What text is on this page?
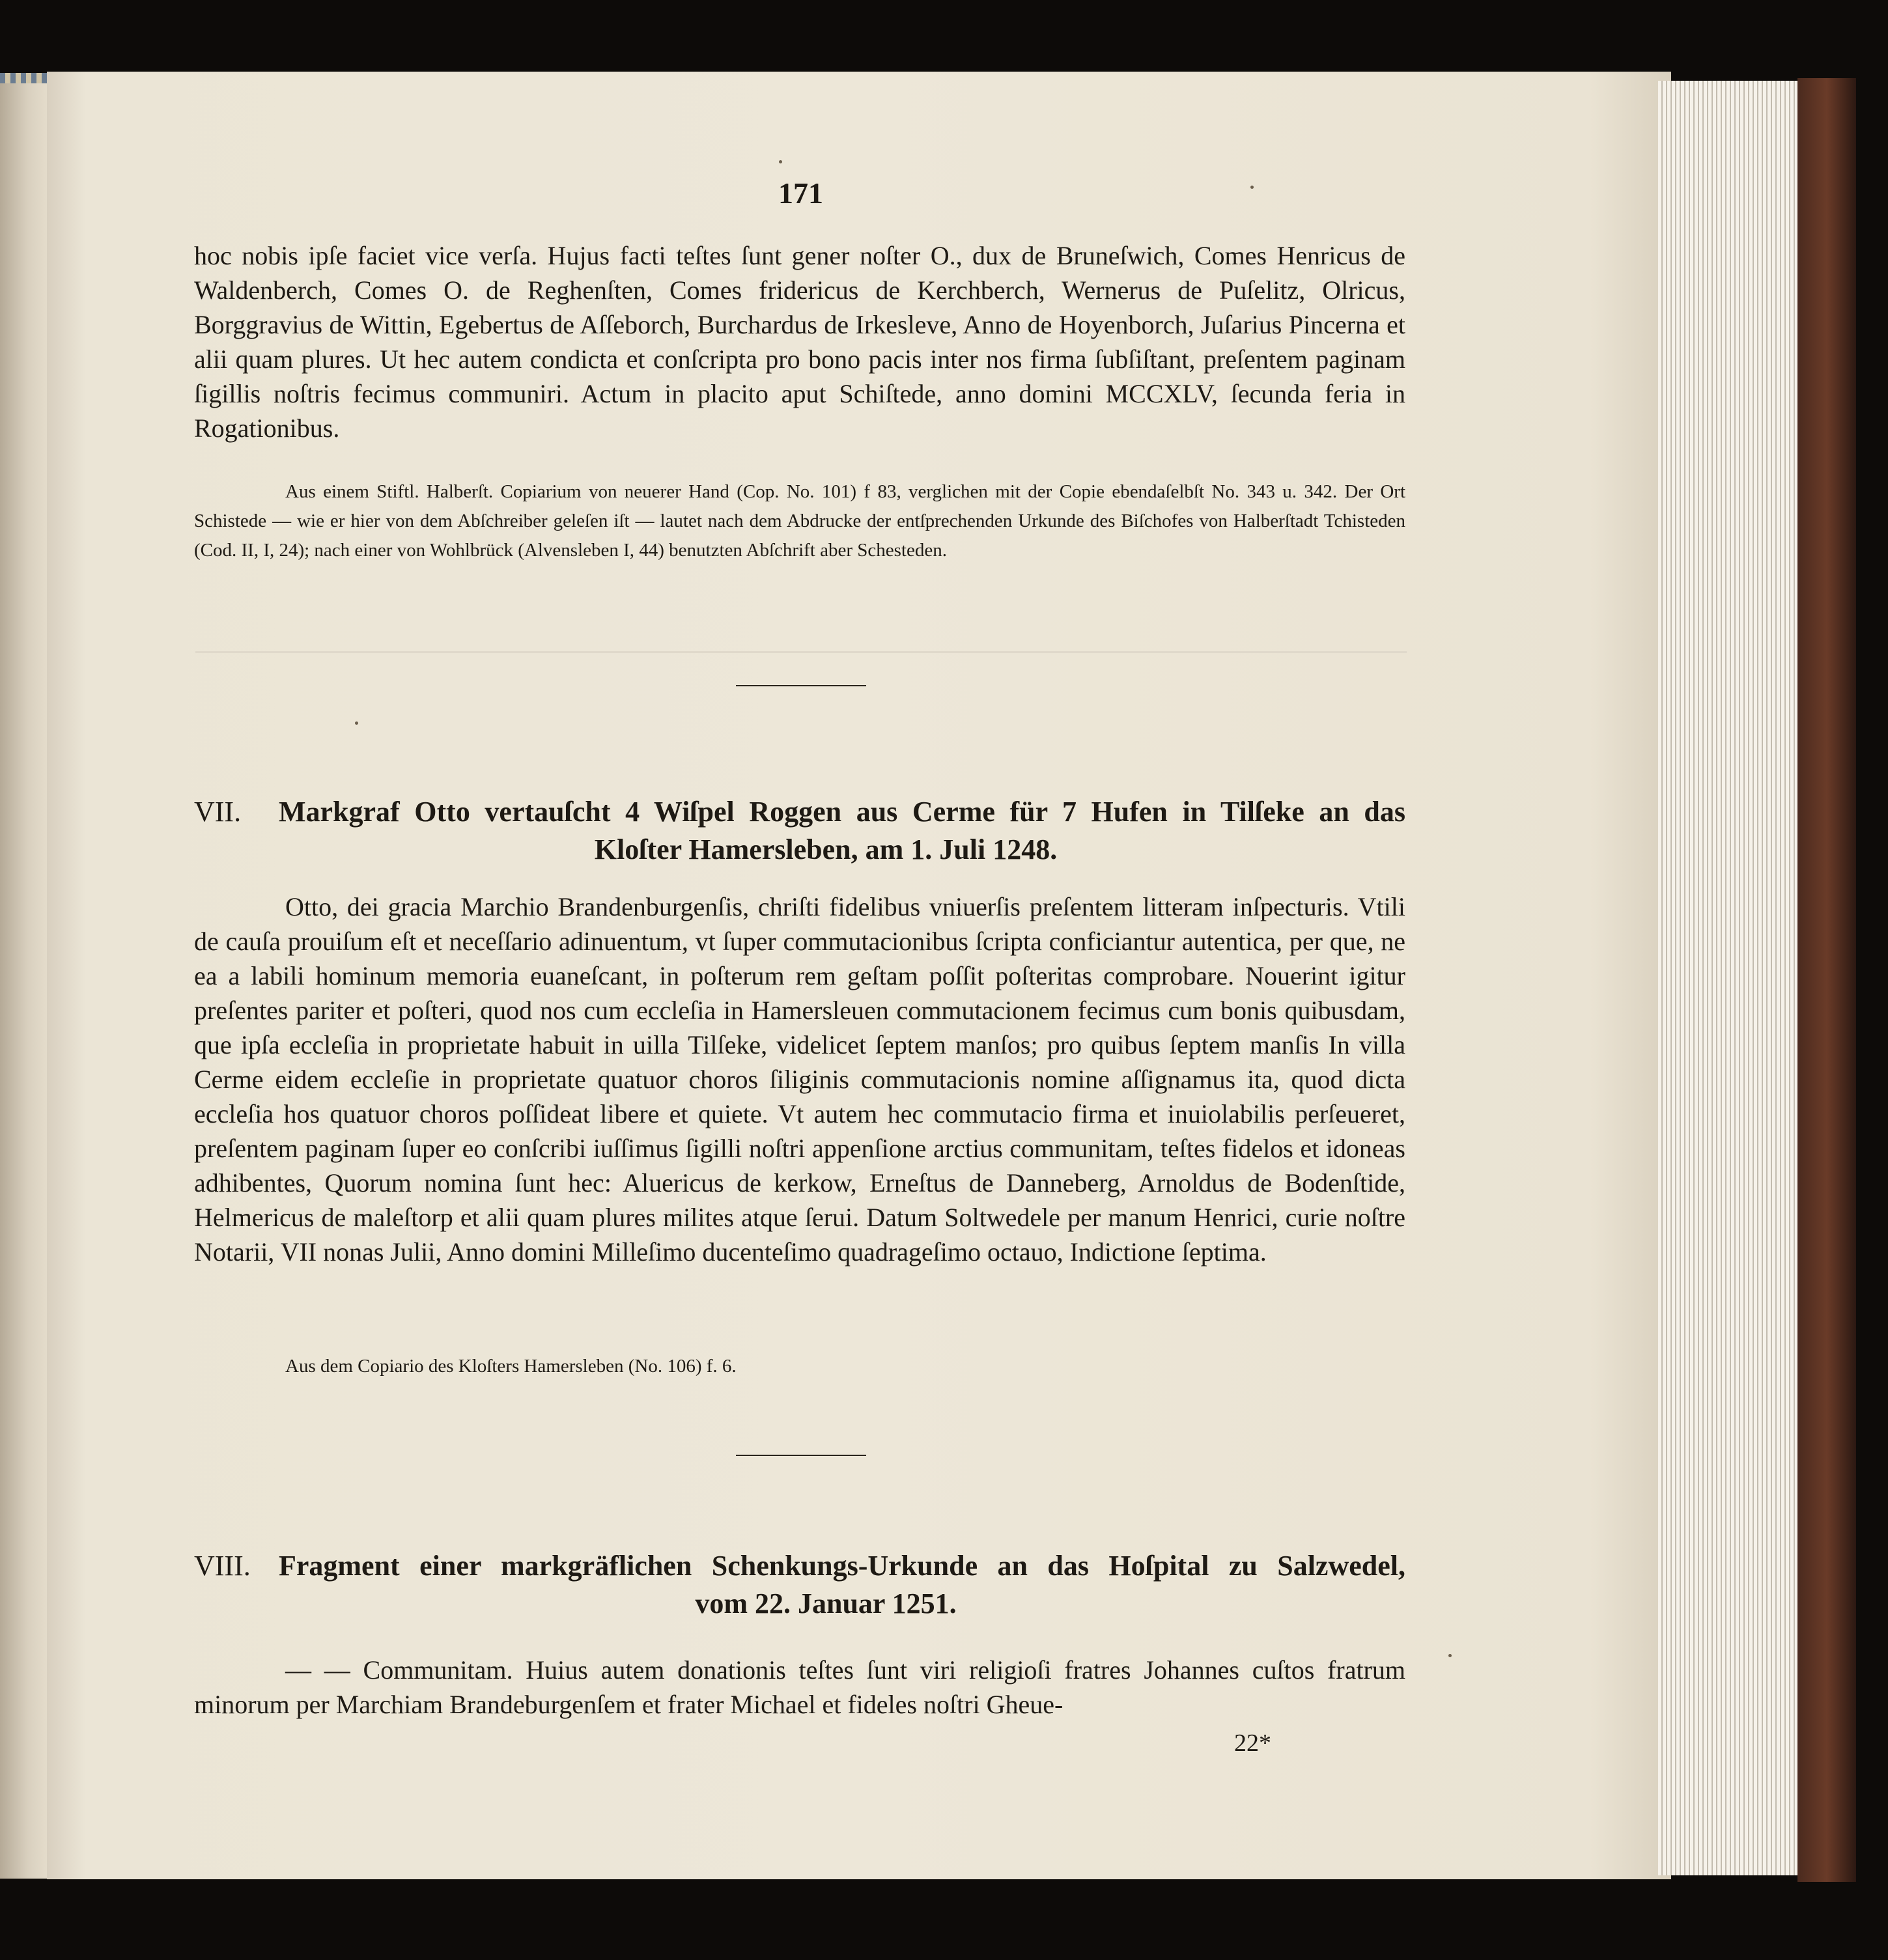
171

hoc nobis ipſe faciet vice verſa. Hujus facti teſtes ſunt gener noſter O., dux de Bruneſwich, Comes Henricus de Waldenberch, Comes O. de Reghenſten, Comes fridericus de Kerchberch, Wernerus de Puſelitz, Olricus, Borggravius de Wittin, Egebertus de Aſſeborch, Burchardus de Irkesleve, Anno de Hoyenborch, Juſarius Pincerna et alii quam plures. Ut hec autem condicta et conſcripta pro bono pacis inter nos firma ſubſiſtant, preſentem paginam ſigillis noſtris fecimus communiri. Actum in placito aput Schiſtede, anno domini MCCXLV, ſecunda feria in Rogationibus.

Aus einem Stiftl. Halberſt. Copiarium von neuerer Hand (Cop. No. 101) f 83, verglichen mit der Copie ebendaſelbſt No. 343 u. 342. Der Ort Schistede — wie er hier von dem Abſchreiber geleſen iſt — lautet nach dem Abdrucke der entſprechenden Urkunde des Biſchofes von Halberſtadt Tchisteden (Cod. II, I, 24); nach einer von Wohlbrück (Alvensleben I, 44) benutzten Abſchrift aber Schesteden.

VII.	Markgraf Otto vertauſcht 4 Wiſpel Roggen aus Cerme für 7 Hufen in Tilſeke an das
Kloſter Hamersleben, am 1. Juli 1248.

Otto, dei gracia Marchio Brandenburgenſis, chriſti fidelibus vniuerſis preſentem litteram inſpecturis. Vtili de cauſa prouiſum eſt et neceſſario adinuentum, vt ſuper commutacionibus ſcripta conficiantur autentica, per que, ne ea a labili hominum memoria euaneſcant, in poſterum rem geſtam poſſit poſteritas comprobare. Nouerint igitur preſentes pariter et poſteri, quod nos cum eccleſia in Hamersleuen commutacionem fecimus cum bonis quibusdam, que ipſa eccleſia in proprietate habuit in uilla Tilſeke, videlicet ſeptem manſos; pro quibus ſeptem manſis In villa Cerme eidem eccleſie in proprietate quatuor choros ſiliginis commutacionis nomine aſſignamus ita, quod dicta eccleſia hos quatuor choros poſſideat libere et quiete. Vt autem hec commutacio firma et inuiolabilis perſeueret, preſentem paginam ſuper eo conſcribi iuſſimus ſigilli noſtri appenſione arctius communitam, teſtes fidelos et idoneas adhibentes, Quorum nomina ſunt hec: Aluericus de kerkow, Erneſtus de Danneberg, Arnoldus de Bodenſtide, Helmericus de maleſtorp et alii quam plures milites atque ſerui. Datum Soltwedele per manum Henrici, curie noſtre Notarii, VII nonas Julii, Anno domini Milleſimo ducenteſimo quadrageſimo octauo, Indictione ſeptima.

Aus dem Copiario des Kloſters Hamersleben (No. 106) f. 6.

VIII. Fragment einer markgräflichen Schenkungs-Urkunde an das Hoſpital zu Salzwedel,
vom 22. Januar 1251.

— — Communitam. Huius autem donationis teſtes ſunt viri religioſi fratres Johannes cuſtos fratrum minorum per Marchiam Brandeburgenſem et frater Michael et fideles noſtri Gheue-

22*
